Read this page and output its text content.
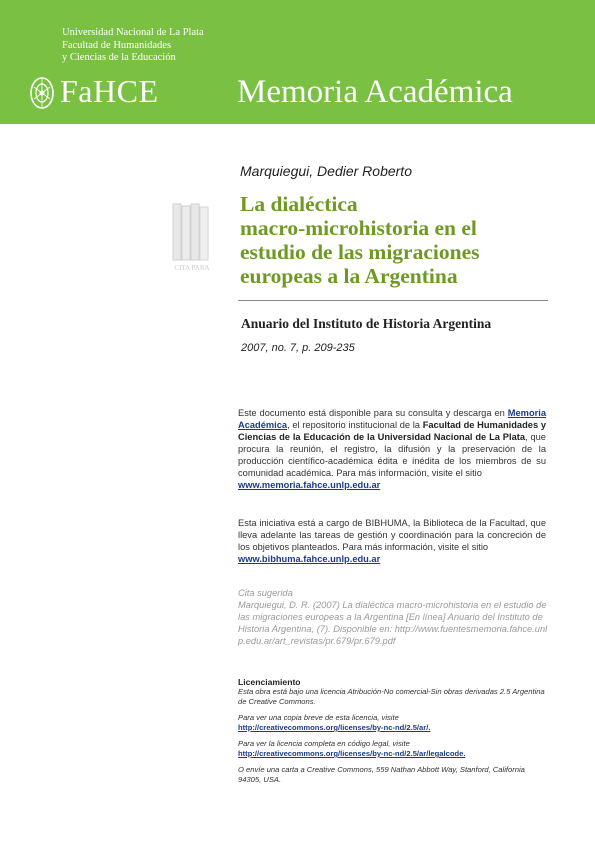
Universidad Nacional de La Plata
Facultad de Humanidades
y Ciencias de la Educación
FaHCE Memoria Académica
Marquiegui, Dedier Roberto
La dialéctica
macro-microhistoria en el
estudio de las migraciones
europeas a la Argentina
CITA PARA
Anuario del Instituto de Historia Argentina
2007, no. 7, p. 209-235
Este documento está disponible para su consulta y descarga en Memoria Académica, el repositorio institucional de la Facultad de Humanidades y Ciencias de la Educación de la Universidad Nacional de La Plata, que procura la reunión, el registro, la difusión y la preservación de la producción científico-académica édita e inédita de los miembros de su comunidad académica. Para más información, visite el sitio
www.memoria.fahce.unlp.edu.ar
Esta iniciativa está a cargo de BIBHUMA, la Biblioteca de la Facultad, que lleva adelante las tareas de gestión y coordinación para la concreción de los objetivos planteados. Para más información, visite el sitio
www.bibhuma.fahce.unlp.edu.ar
Cita sugerida
Marquiegui, D. R. (2007) La dialéctica macro-microhistoria en el estudio de las migraciones europeas a la Argentina [En línea] Anuario del Instituto de Historia Argentina, (7). Disponible en: http://www.fuentesmemoria.fahce.unlp.edu.ar/art_revistas/pr.679/pr.679.pdf
Licenciamiento
Esta obra está bajo una licencia Atribución-No comercial-Sin obras derivadas 2.5 Argentina de Creative Commons.
Para ver una copia breve de esta licencia, visite
http://creativecommons.org/licenses/by-nc-nd/2.5/ar/.
Para ver la licencia completa en código legal, visite
http://creativecommons.org/licenses/by-nc-nd/2.5/ar/legalcode.
O envíe una carta a Creative Commons, 559 Nathan Abbott Way, Stanford, California 94305, USA.
